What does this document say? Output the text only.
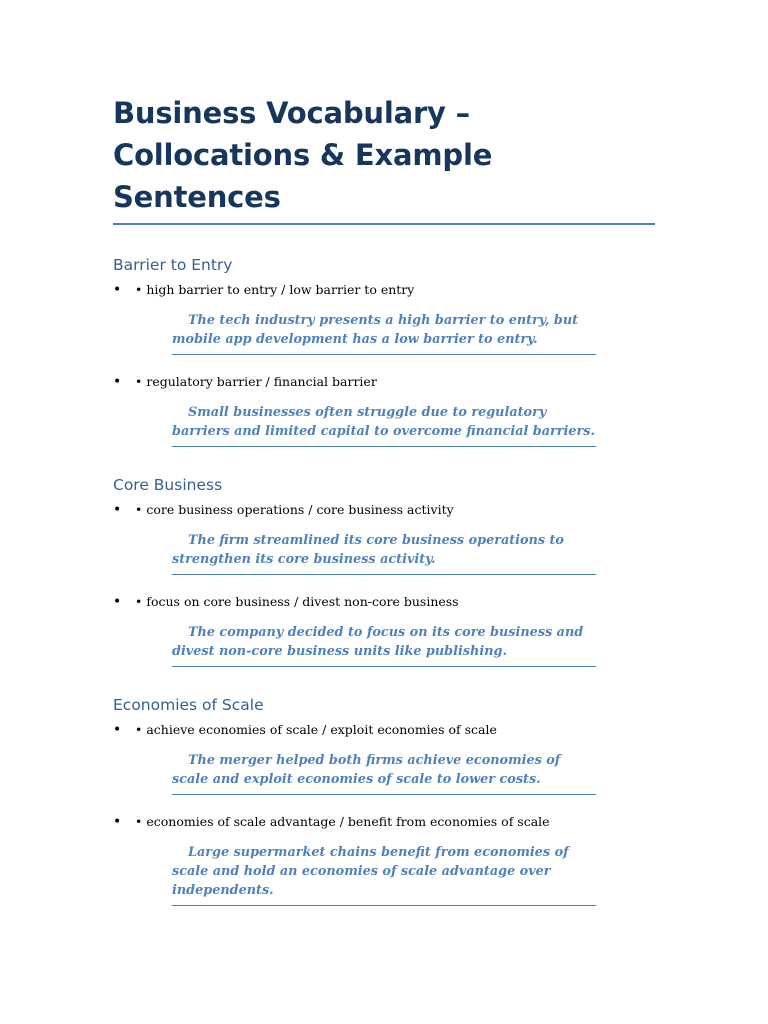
Business Vocabulary – Collocations & Example Sentences
Barrier to Entry
• • high barrier to entry / low barrier to entry
The tech industry presents a high barrier to entry, but mobile app development has a low barrier to entry.
• • regulatory barrier / financial barrier
Small businesses often struggle due to regulatory barriers and limited capital to overcome financial barriers.
Core Business
• • core business operations / core business activity
The firm streamlined its core business operations to strengthen its core business activity.
• • focus on core business / divest non-core business
The company decided to focus on its core business and divest non-core business units like publishing.
Economies of Scale
• • achieve economies of scale / exploit economies of scale
The merger helped both firms achieve economies of scale and exploit economies of scale to lower costs.
• • economies of scale advantage / benefit from economies of scale
Large supermarket chains benefit from economies of scale and hold an economies of scale advantage over independents.
